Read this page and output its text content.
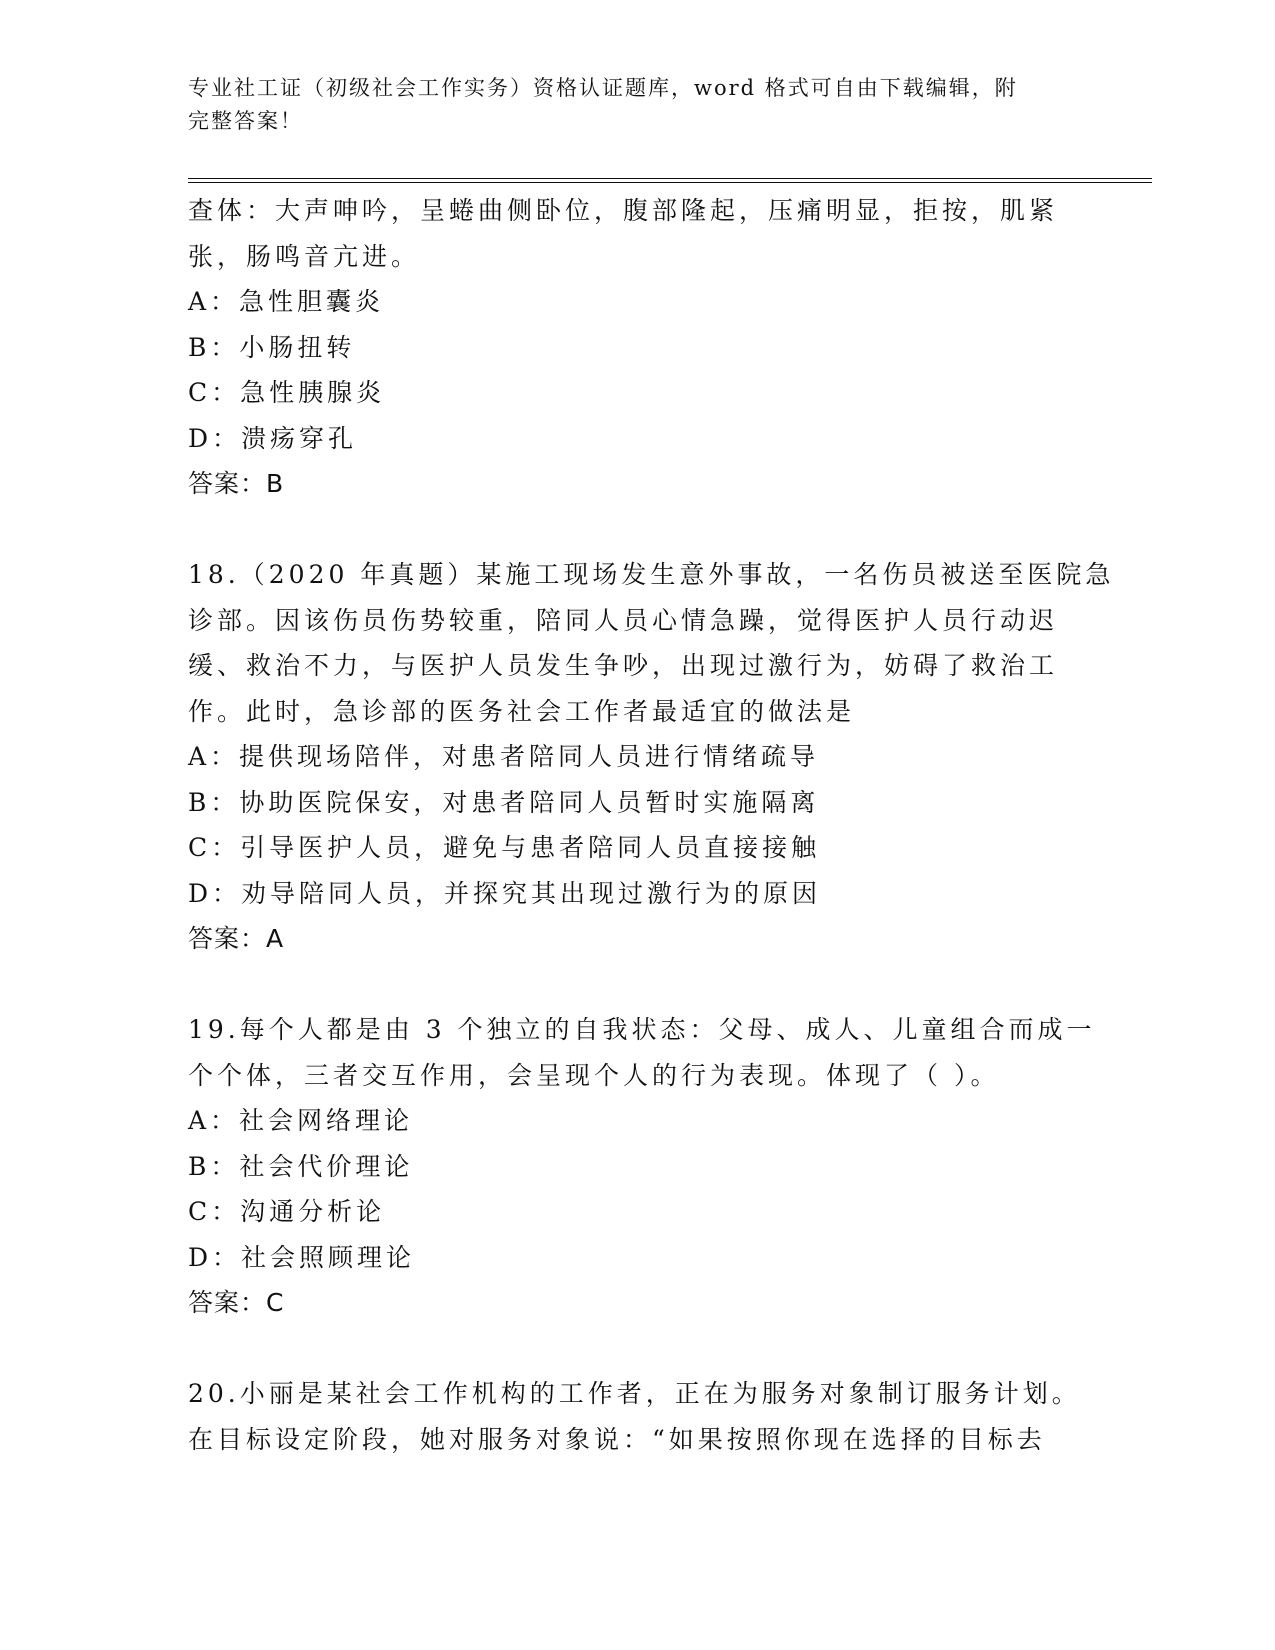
专业社工证（初级社会工作实务）资格认证题库，word 格式可自由下载编辑，附
完整答案！
查体：大声呻吟，呈蜷曲侧卧位，腹部隆起，压痛明显，拒按，肌紧
张，肠鸣音亢进。
A：急性胆囊炎
B：小肠扭转
C：急性胰腺炎
D：溃疡穿孔
答案：B
18.（2020 年真题）某施工现场发生意外事故，一名伤员被送至医院急
诊部。因该伤员伤势较重，陪同人员心情急躁，觉得医护人员行动迟
缓、救治不力，与医护人员发生争吵，出现过激行为，妨碍了救治工
作。此时，急诊部的医务社会工作者最适宜的做法是
A：提供现场陪伴，对患者陪同人员进行情绪疏导
B：协助医院保安，对患者陪同人员暂时实施隔离
C：引导医护人员，避免与患者陪同人员直接接触
D：劝导陪同人员，并探究其出现过激行为的原因
答案：A
19.每个人都是由 3 个独立的自我状态：父母、成人、儿童组合而成一
个个体，三者交互作用，会呈现个人的行为表现。体现了（ ）。
A：社会网络理论
B：社会代价理论
C：沟通分析论
D：社会照顾理论
答案：C
20.小丽是某社会工作机构的工作者，正在为服务对象制订服务计划。
在目标设定阶段，她对服务对象说：“如果按照你现在选择的目标去
